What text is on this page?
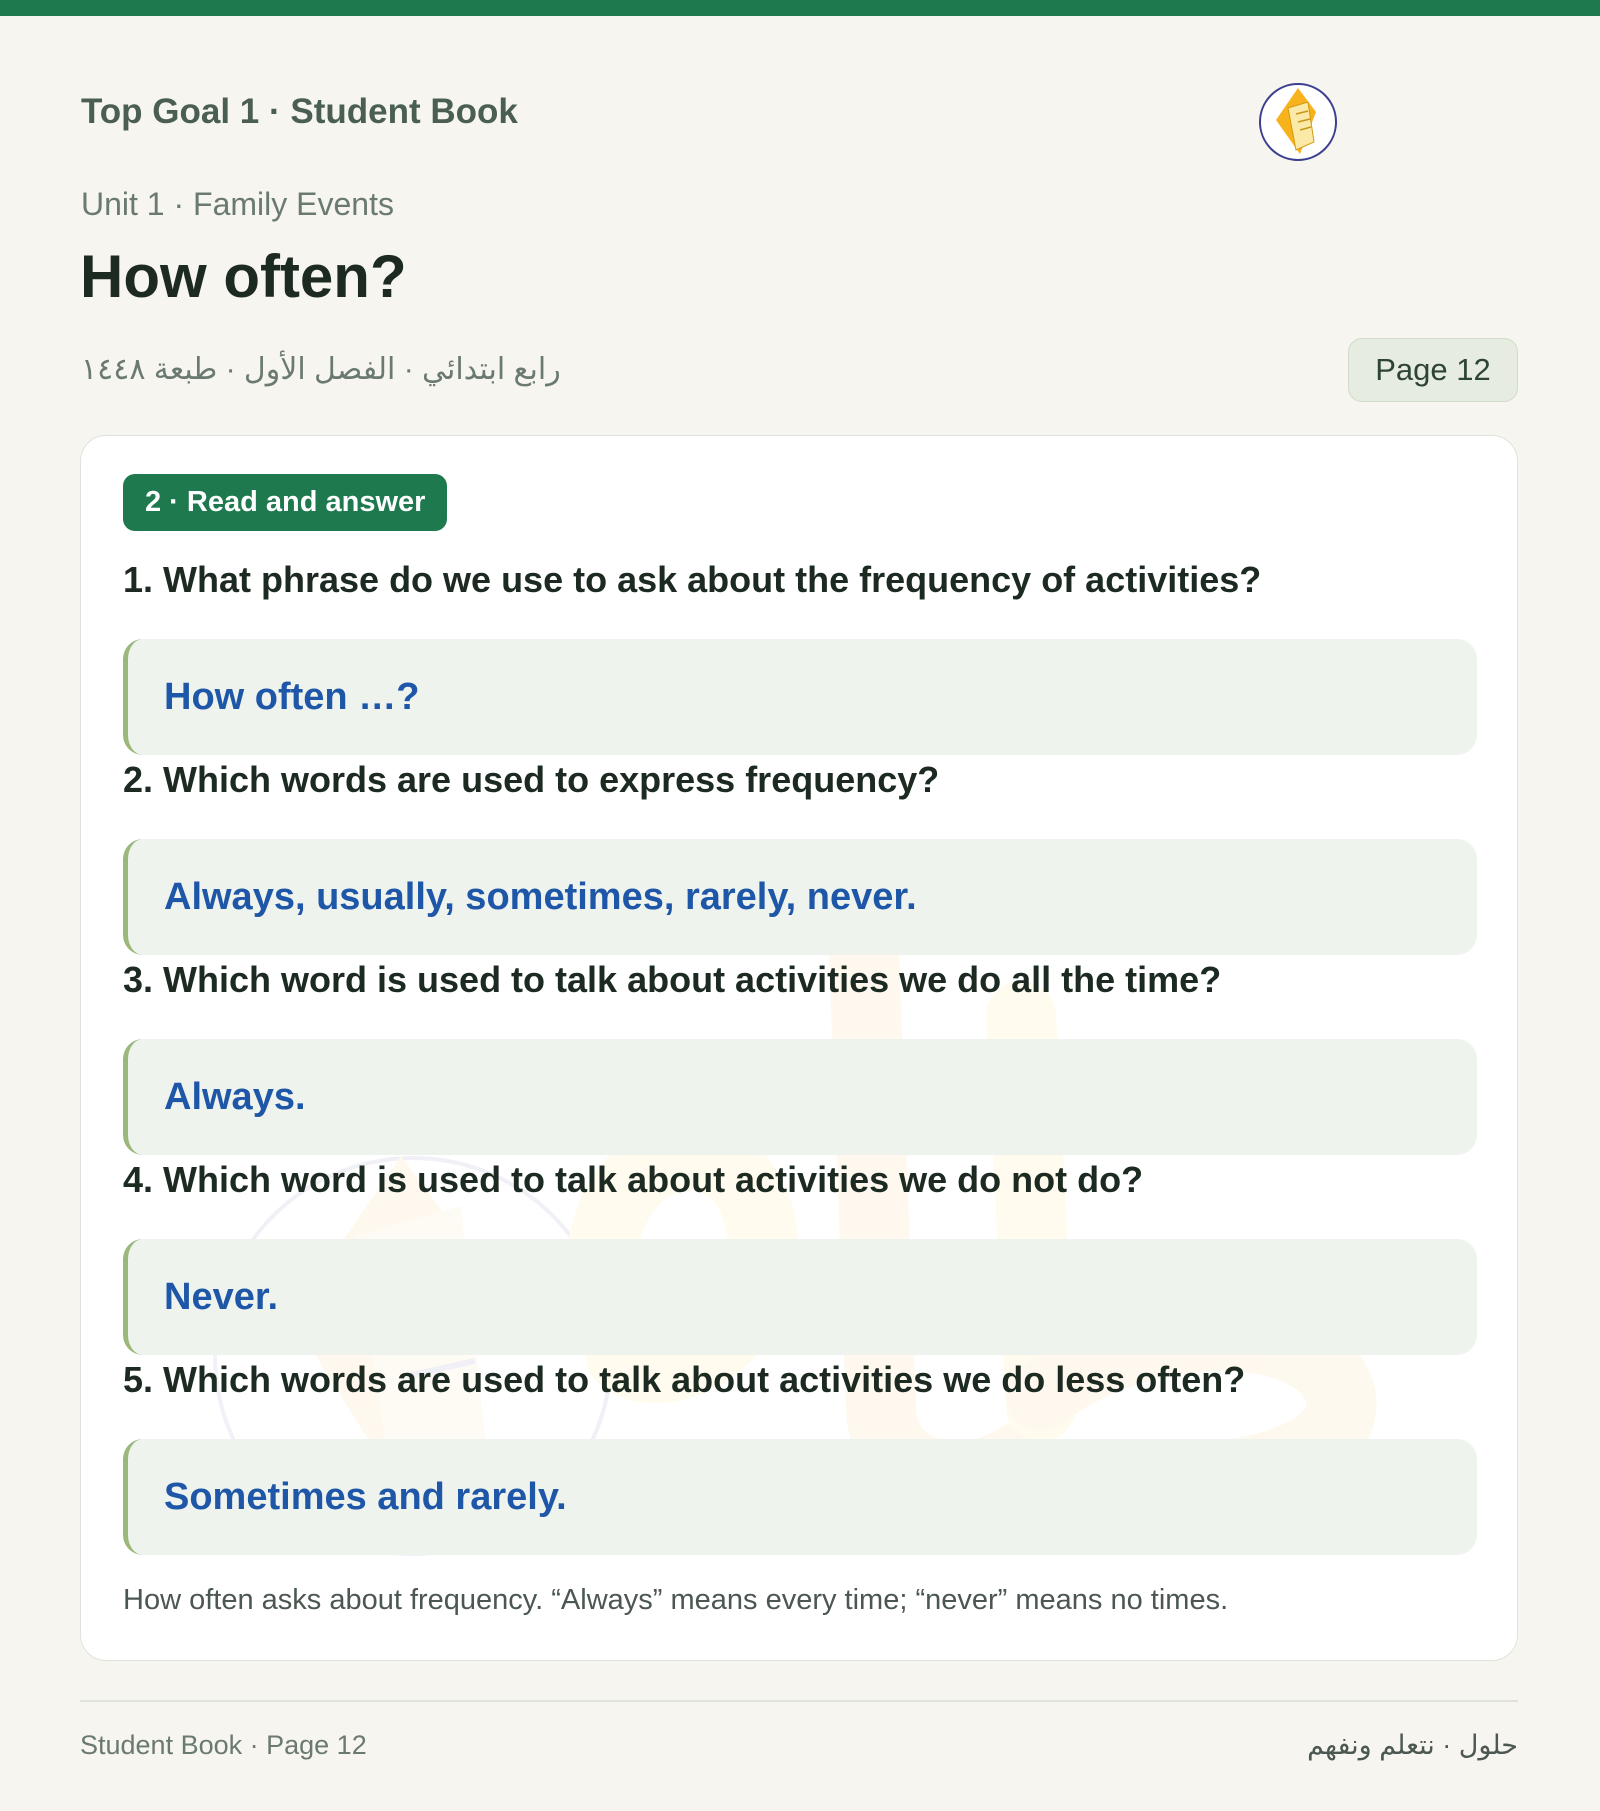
Top Goal 1 · Student Book
Unit 1 · Family Events
How often?
رابع ابتدائي · الفصل الأول · طبعة ١٤٤٨	Page 12
2 · Read and answer
1. What phrase do we use to ask about the frequency of activities?
How often …?
2. Which words are used to express frequency?
Always, usually, sometimes, rarely, never.
3. Which word is used to talk about activities we do all the time?
Always.
4. Which word is used to talk about activities we do not do?
Never.
5. Which words are used to talk about activities we do less often?
Sometimes and rarely.
How often asks about frequency. “Always” means every time; “never” means no times.
Student Book · Page 12	حلول · نتعلم ونفهم
